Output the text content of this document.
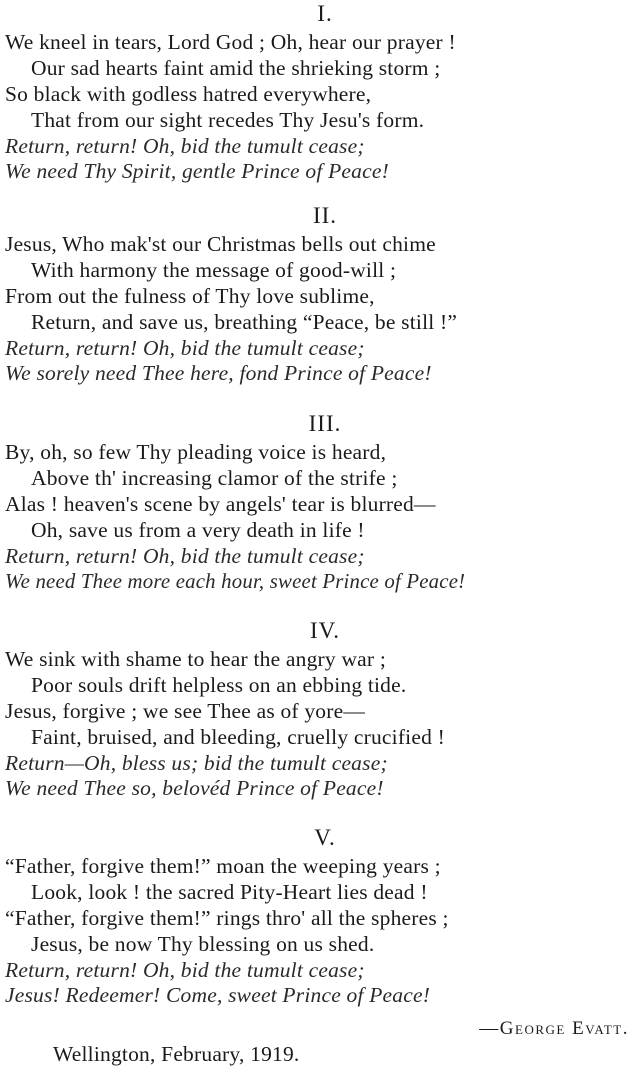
I.
We kneel in tears, Lord God ; Oh, hear our prayer !
Our sad hearts faint amid the shrieking storm ;
So black with godless hatred everywhere,
That from our sight recedes Thy Jesu's form.
Return, return! Oh, bid the tumult cease;
We need Thy Spirit, gentle Prince of Peace!
II.
Jesus, Who mak'st our Christmas bells out chime
With harmony the message of good-will ;
From out the fulness of Thy love sublime,
Return, and save us, breathing “Peace, be still !”
Return, return! Oh, bid the tumult cease;
We sorely need Thee here, fond Prince of Peace!
III.
By, oh, so few Thy pleading voice is heard,
Above th' increasing clamor of the strife ;
Alas ! heaven's scene by angels' tear is blurred—
Oh, save us from a very death in life !
Return, return! Oh, bid the tumult cease;
We need Thee more each hour, sweet Prince of Peace!
IV.
We sink with shame to hear the angry war ;
Poor souls drift helpless on an ebbing tide.
Jesus, forgive ; we see Thee as of yore—
Faint, bruised, and bleeding, cruelly crucified !
Return—Oh, bless us; bid the tumult cease;
We need Thee so, belovéd Prince of Peace!
V.
“Father, forgive them!” moan the weeping years ;
Look, look ! the sacred Pity-Heart lies dead !
“Father, forgive them!” rings thro' all the spheres ;
Jesus, be now Thy blessing on us shed.
Return, return! Oh, bid the tumult cease;
Jesus! Redeemer! Come, sweet Prince of Peace!
—George Evatt.
Wellington, February, 1919.
